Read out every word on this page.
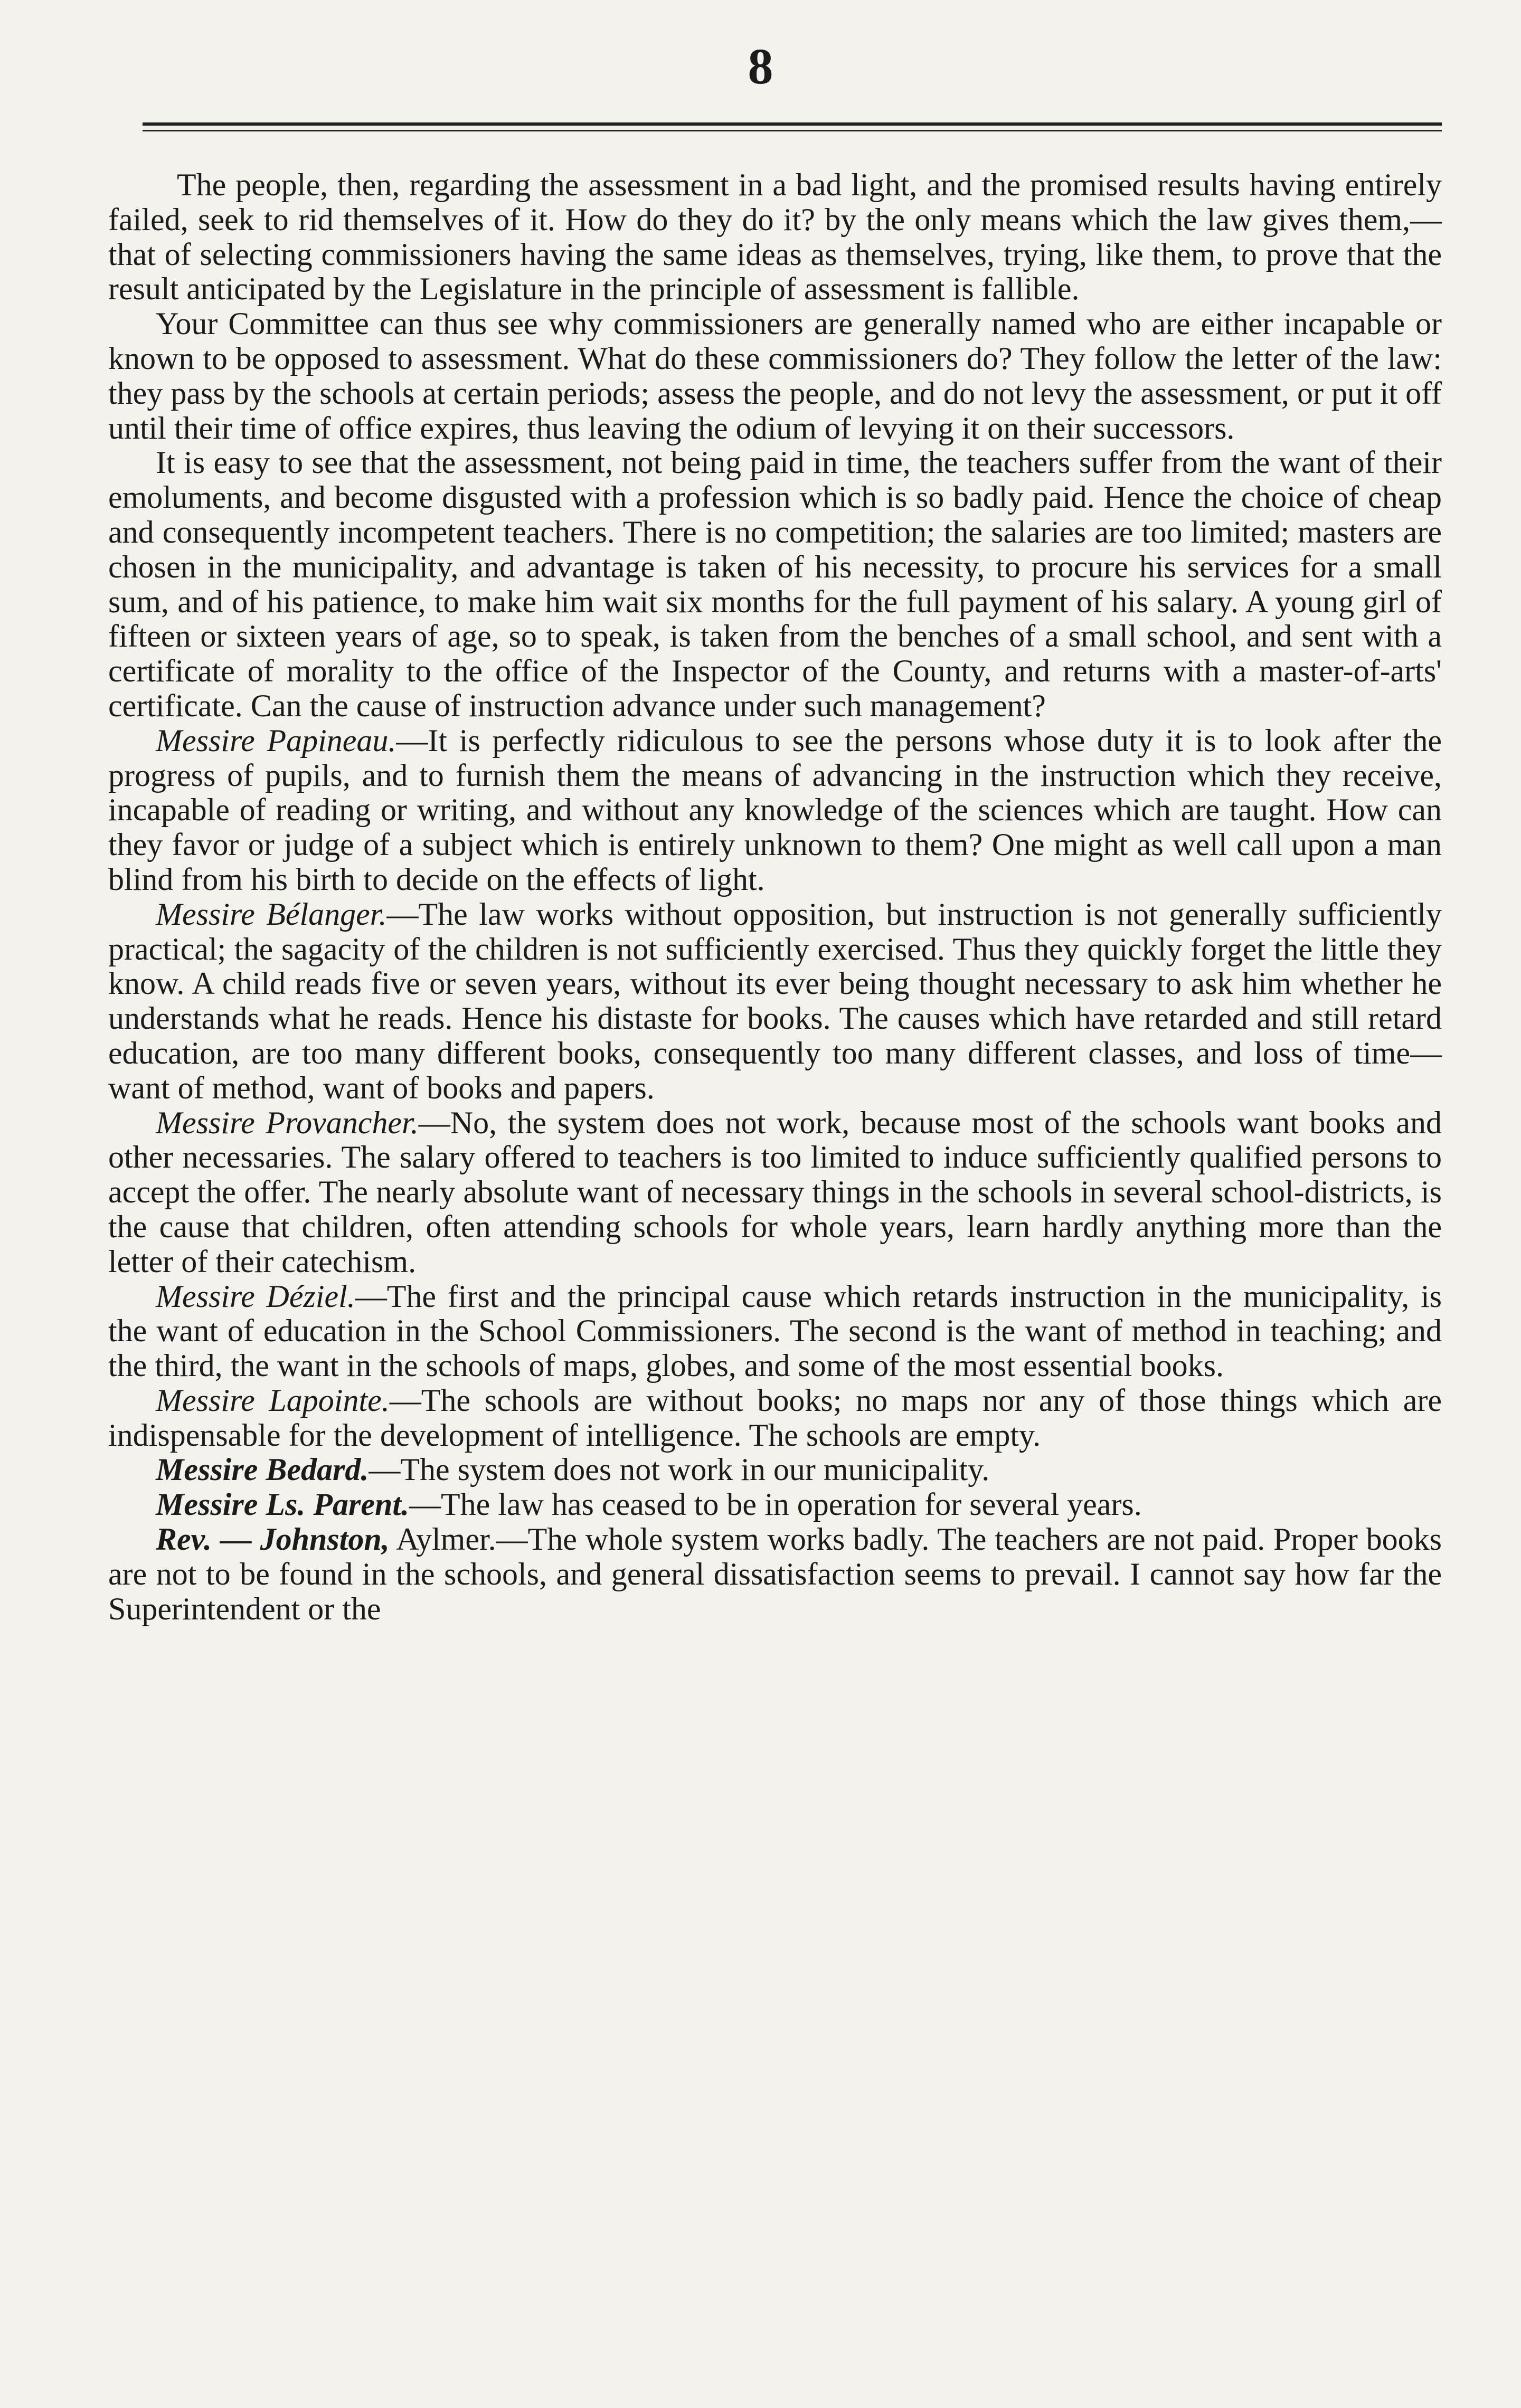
8

The people, then, regarding the assessment in a bad light, and the promised results having entirely failed, seek to rid themselves of it. How do they do it? by the only means which the law gives them,—that of selecting commissioners having the same ideas as themselves, trying, like them, to prove that the result anticipated by the Legislature in the principle of assessment is fallible.

Your Committee can thus see why commissioners are generally named who are either incapable or known to be opposed to assessment. What do these commissioners do? They follow the letter of the law: they pass by the schools at certain periods; assess the people, and do not levy the assessment, or put it off until their time of office expires, thus leaving the odium of levying it on their successors.

It is easy to see that the assessment, not being paid in time, the teachers suffer from the want of their emoluments, and become disgusted with a profession which is so badly paid. Hence the choice of cheap and consequently incompetent teachers. There is no competition; the salaries are too limited; masters are chosen in the municipality, and advantage is taken of his necessity, to procure his services for a small sum, and of his patience, to make him wait six months for the full payment of his salary. A young girl of fifteen or sixteen years of age, so to speak, is taken from the benches of a small school, and sent with a certificate of morality to the office of the Inspector of the County, and returns with a master-of-arts' certificate. Can the cause of instruction advance under such management?

Messire Papineau.—It is perfectly ridiculous to see the persons whose duty it is to look after the progress of pupils, and to furnish them the means of advancing in the instruction which they receive, incapable of reading or writing, and without any knowledge of the sciences which are taught. How can they favor or judge of a subject which is entirely unknown to them? One might as well call upon a man blind from his birth to decide on the effects of light.

Messire Bélanger.—The law works without opposition, but instruction is not generally sufficiently practical; the sagacity of the children is not sufficiently exercised. Thus they quickly forget the little they know. A child reads five or seven years, without its ever being thought necessary to ask him whether he understands what he reads. Hence his distaste for books. The causes which have retarded and still retard education, are too many different books, consequently too many different classes, and loss of time—want of method, want of books and papers.

Messire Provancher.—No, the system does not work, because most of the schools want books and other necessaries. The salary offered to teachers is too limited to induce sufficiently qualified persons to accept the offer. The nearly absolute want of necessary things in the schools in several school-districts, is the cause that children, often attending schools for whole years, learn hardly anything more than the letter of their catechism.

Messire Déziel.—The first and the principal cause which retards instruction in the municipality, is the want of education in the School Commissioners. The second is the want of method in teaching; and the third, the want in the schools of maps, globes, and some of the most essential books.

Messire Lapointe.—The schools are without books; no maps nor any of those things which are indispensable for the development of intelligence. The schools are empty.

Messire Bedard.—The system does not work in our municipality.

Messire Ls. Parent.—The law has ceased to be in operation for several years.

Rev. — Johnston, Aylmer.—The whole system works badly. The teachers are not paid. Proper books are not to be found in the schools, and general dissatisfaction seems to prevail. I cannot say how far the Superintendent or the
